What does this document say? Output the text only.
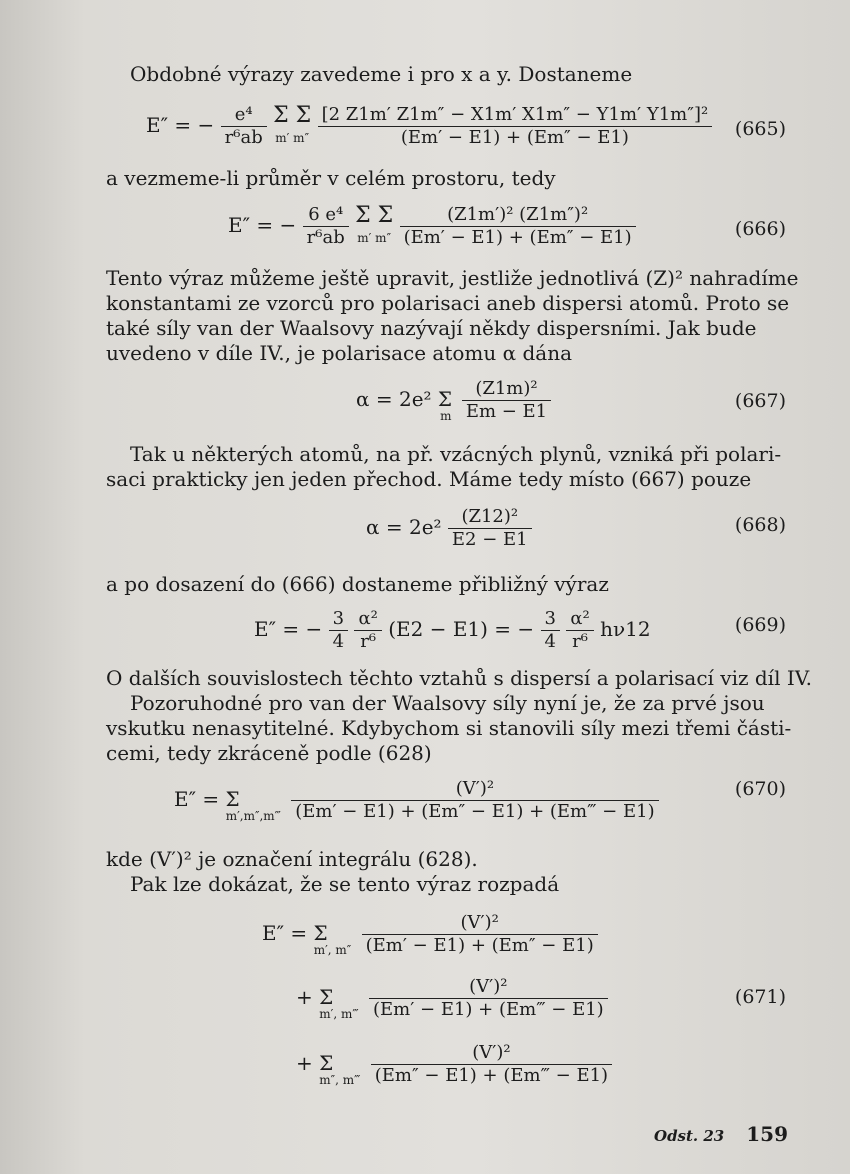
Obdobné výrazy zavedeme i pro x a y. Dostaneme
E″ = − $\frac{\text{e⁴}}{\text{r⁶ab}}$ Σ Σ
m′ m″
$\frac{\text{[2 Z1m′ Z1m″ − X1m′ X1m″ − Y1m′ Y1m″]²}}{(Em' - E1) + (Em'' - E1)} (665)$
a vezmeme-li průměr v celém prostoru, tedy
E″ = − $\frac{\text{6 e⁴}}{\text{r⁶ab}}$ Σ Σ
m′ m″
$\frac{\text{(Z1m′)² (Z1m″)²}}{(Em' - E1) + (Em'' - E1)}$	(666)
Tento výraz můžeme ještě upravit, jestliže jednotlivá (Z)² nahradíme
konstantami ze vzorců pro polarisaci aneb dispersi atomů. Proto se
také síly van der Waalsovy nazývají někdy dispersními. Jak bude
uvedeno v díle IV., je polarisace atomu α dána
α = 2e² $\Sigma_m \frac{\text{(Z1m)²}}{Em - E1}$	(667)
Tak u některých atomů, na př. vzácných plynů, vzniká při polari-
saci prakticky jen jeden přechod. Máme tedy místo (667) pouze
$\alpha = 2e^2 \frac{\text{(Z12)²}}{E2 - E1}$	(668)
a po dosazení do (666) dostaneme přibližný výraz
E″ = − $\frac{3}{4}$
$\frac{\text{α²}}{\text{r⁶}} (E2 - E1)$ = − $\frac{3}{4}$
$\frac{\text{α²}}{\text{r⁶}} h\nu 12$	(669)
O dalších souvislostech těchto vztahů s dispersí a polarisací viz díl IV.
Pozoruhodné pro van der Waalsovy síly nyní je, že za prvé jsou
vskutku nenasytitelné. Kdybychom si stanovili síly mezi třemi části-
cemi, tedy zkráceně podle (628)
$E'' = \Sigma_{m',m'',m‴} \frac{\text{(V′)²}}{(Em' - E1) + (Em'' - E1) + (Em‴ - E1)}$	(670)
kde (V′)² je označení integrálu (628).
Pak lze dokázat, že se tento výraz rozpadá
$E'' = \Sigma_{m', m''} \frac{\text{(V′)²}}{(Em' - E1) + (Em'' - E1)}$
+ $\Sigma_{m', m‴} \frac{\text{(V′)²}}{(Em' - E1) + (Em‴ - E1)}$	(671)
+ $\Sigma_{m'', m‴} \frac{\text{(V′)²}}{(Em'' - E1) + (Em‴ - E1)}$
Odst. 23 159
